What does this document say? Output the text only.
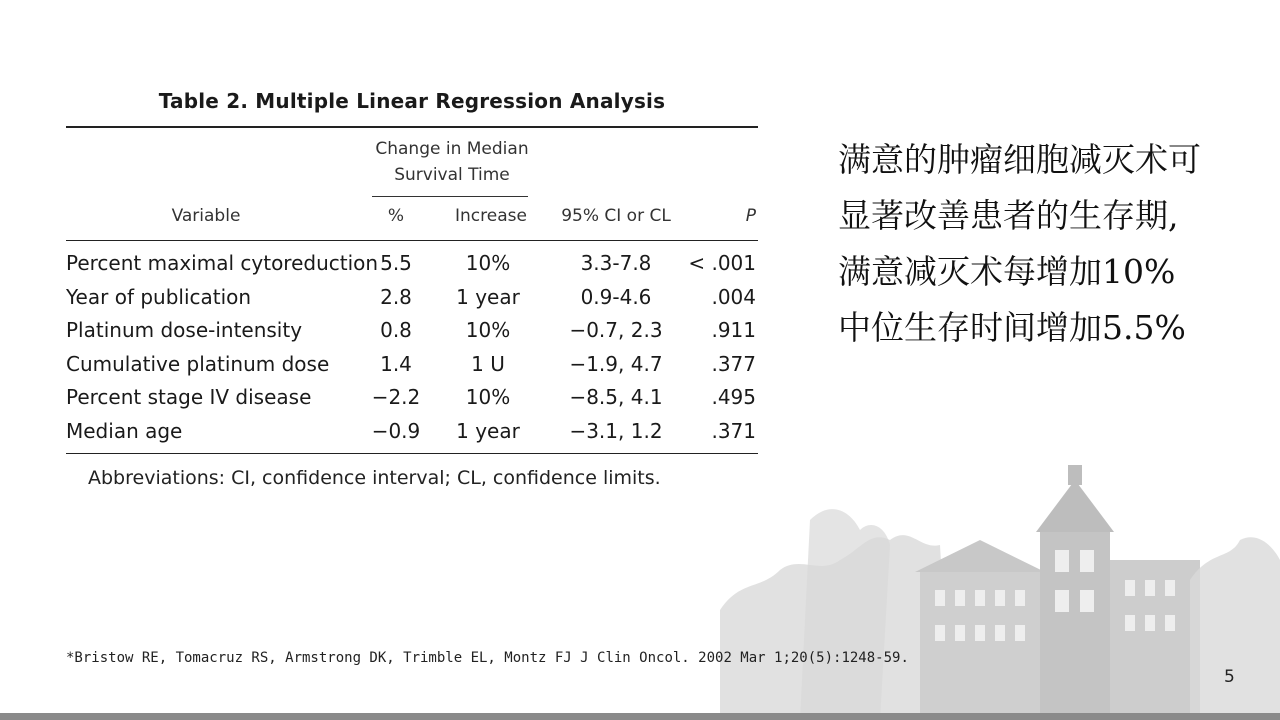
Table 2. Multiple Linear Regression Analysis
Change in Median
Survival Time
Variable	%	Increase	95% CI or CL	P
Percent maximal cytoreduction 5.5	10%	3.3-7.8	< .001
Year of publication	2.8	1 year	0.9-4.6	.004
Platinum dose-intensity	0.8	10%	−0.7, 2.3	.911
Cumulative platinum dose	1.4	1 U	−1.9, 4.7	.377
Percent stage IV disease	−2.2	10%	−8.5, 4.1	.495
Median age	−0.9	1 year	−3.1, 1.2	.371
Abbreviations: CI, confidence interval; CL, confidence limits.
满意的肿瘤细胞减灭术可
显著改善患者的生存期,
满意减灭术每增加10%
中位生存时间增加5.5%
*Bristow RE, Tomacruz RS, Armstrong DK, Trimble EL, Montz FJ J Clin Oncol. 2002 Mar 1;20(5):1248-59.
5
